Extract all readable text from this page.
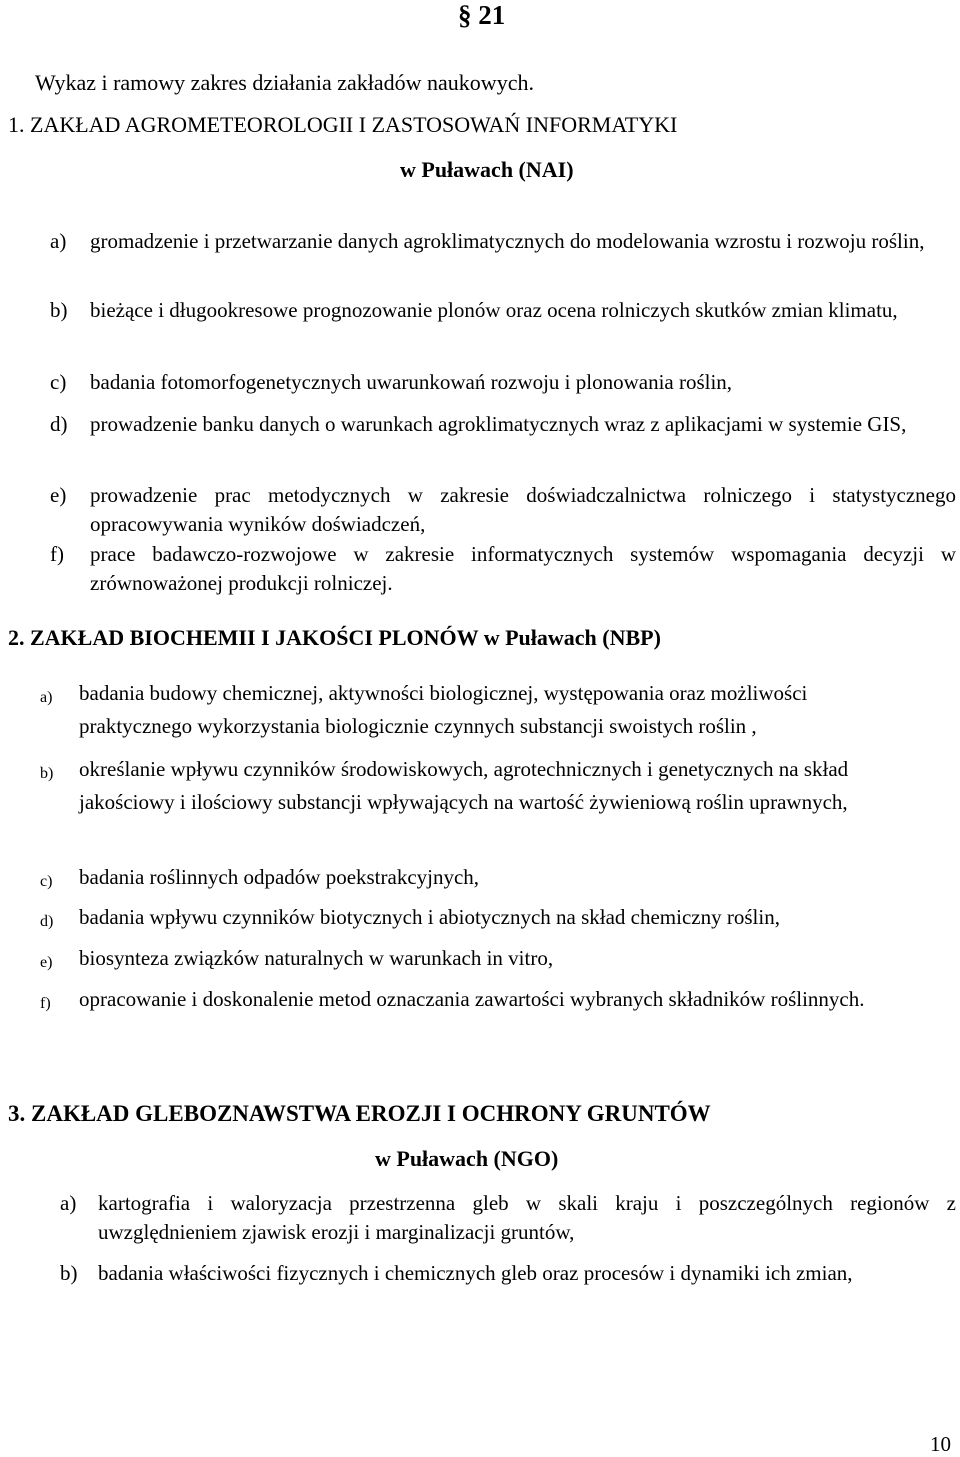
§ 21
Wykaz i ramowy zakres działania zakładów naukowych.
1. ZAKŁAD AGROMETEOROLOGII I ZASTOSOWAŃ INFORMATYKI
w Puławach (NAI)
a) gromadzenie i przetwarzanie danych agroklimatycznych do modelowania wzrostu i rozwoju roślin,
b) bieżące i długookresowe prognozowanie plonów oraz ocena rolniczych skutków zmian klimatu,
c) badania fotomorfogenetycznych uwarunkowań rozwoju i plonowania roślin,
d) prowadzenie banku danych o warunkach agroklimatycznych wraz z aplikacjami w systemie GIS,
e) prowadzenie prac metodycznych w zakresie doświadczalnictwa rolniczego i statystycznego opracowywania wyników doświadczeń,
f) prace badawczo-rozwojowe w zakresie informatycznych systemów wspomagania decyzji w zrównoważonej produkcji rolniczej.
2. ZAKŁAD BIOCHEMII I JAKOŚCI PLONÓW w Puławach (NBP)
a) badania budowy chemicznej, aktywności biologicznej, występowania oraz możliwości praktycznego wykorzystania biologicznie czynnych substancji swoistych roślin ,
b) określanie wpływu czynników środowiskowych, agrotechnicznych i genetycznych na skład jakościowy i ilościowy substancji wpływających na wartość żywieniową roślin uprawnych,
c) badania roślinnych odpadów poekstrakcyjnych,
d) badania wpływu czynników biotycznych i abiotycznych na skład chemiczny roślin,
e) biosynteza związków naturalnych w warunkach in vitro,
f) opracowanie i doskonalenie metod oznaczania zawartości wybranych składników roślinnych.
3. ZAKŁAD GLEBOZNAWSTWA EROZJI I OCHRONY GRUNTÓW
w Puławach (NGO)
a) kartografia i waloryzacja przestrzenna gleb w skali kraju i poszczególnych regionów z uwzględnieniem zjawisk erozji i marginalizacji gruntów,
b) badania właściwości fizycznych i chemicznych gleb oraz procesów i dynamiki ich zmian,
10
